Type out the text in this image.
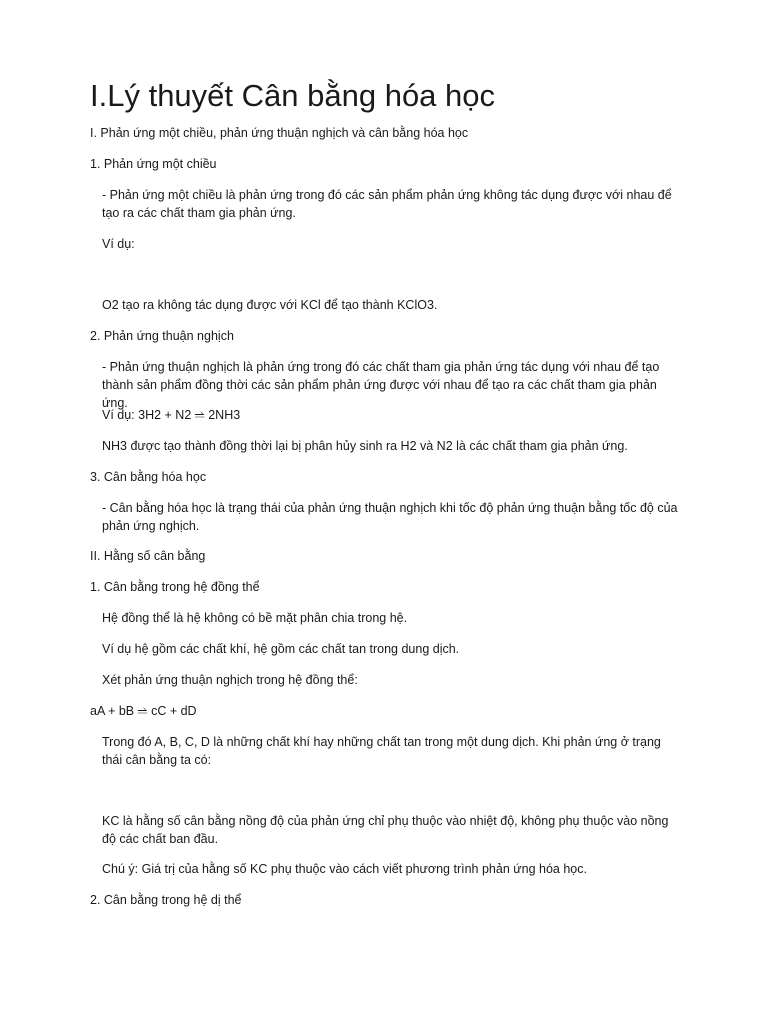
I.Lý thuyết Cân bằng hóa học

I. Phản ứng một chiều, phản ứng thuận nghịch và cân bằng hóa học

1. Phản ứng một chiều

- Phản ứng một chiều là phản ứng trong đó các sản phẩm phản ứng không tác dụng được với nhau để tạo ra các chất tham gia phản ứng.

Ví dụ:

O2 tạo ra không tác dụng được với KCl để tạo thành KClO3.

2. Phản ứng thuận nghịch

- Phản ứng thuận nghịch là phản ứng trong đó các chất tham gia phản ứng tác dụng với nhau để tạo thành sản phẩm đồng thời các sản phẩm phản ứng được với nhau để tạo ra các chất tham gia phản ứng.

Ví dụ: 3H2 + N2 ⥬ 2NH3

NH3 được tạo thành đồng thời lại bị phân hủy sinh ra H2 và N2 là các chất tham gia phản ứng.

3. Cân bằng hóa học

- Cân bằng hóa học là trạng thái của phản ứng thuận nghịch khi tốc độ phản ứng thuận bằng tốc độ của phản ứng nghịch.

II. Hằng số cân bằng

1. Cân bằng trong hệ đồng thể

Hệ đồng thể là hệ không có bề mặt phân chia trong hệ.

Ví dụ hệ gồm các chất khí, hệ gồm các chất tan trong dung dịch.

Xét phản ứng thuận nghịch trong hệ đồng thể:

aA + bB ⥬ cC + dD

Trong đó A, B, C, D là những chất khí hay những chất tan trong một dung dịch. Khi phản ứng ở trạng thái cân bằng ta có:

KC là hằng số cân bằng nồng độ của phản ứng chỉ phụ thuộc vào nhiệt độ, không phụ thuộc vào nồng độ các chất ban đầu.

Chú ý: Giá trị của hằng số KC phụ thuộc vào cách viết phương trình phản ứng hóa học.

2. Cân bằng trong hệ dị thể
